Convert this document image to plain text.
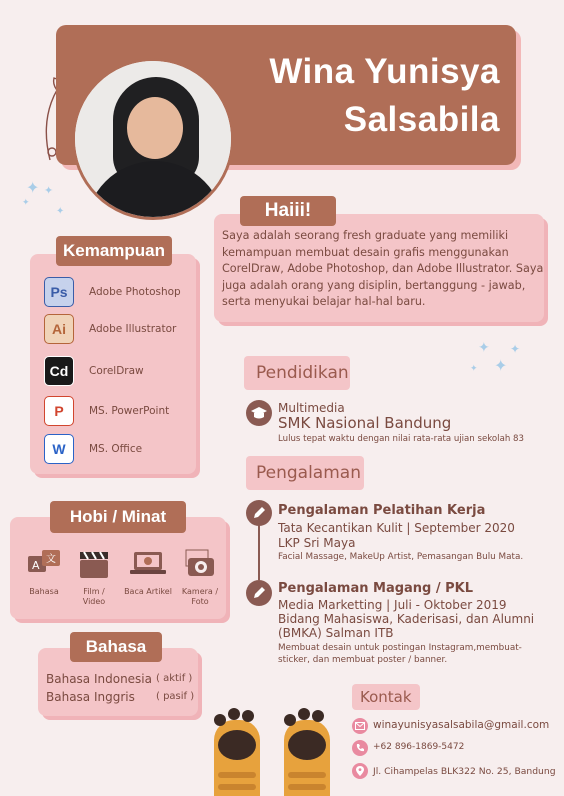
Wina Yunisya
Salsabila
✦ ✦
✦
✦
✦
✦
✦
✦
Haiii!
Saya adalah seorang fresh graduate yang memiliki kemampuan membuat desain grafis menggunakan CorelDraw, Adobe Photoshop, dan Adobe Illustrator. Saya juga adalah orang yang disiplin, bertanggung - jawab, serta menyukai belajar hal-hal baru.
Kemampuan
Ps	Adobe Photoshop
Ai	Adobe Illustrator
Cd	CorelDraw
P	MS. PowerPoint
W	MS. Office
Hobi / Minat
A 文
Bahasa	Film / Video
Baca Artikel	Kamera / Foto
Bahasa
Bahasa Indonesia ( aktif )
Bahasa Inggris ( pasif )
Pendidikan
Multimedia
SMK Nasional Bandung
Lulus tepat waktu dengan nilai rata-rata ujian sekolah 83
Pengalaman
Pengalaman Pelatihan Kerja
Tata Kecantikan Kulit | September 2020
LKP Sri Maya
Facial Massage, MakeUp Artist, Pemasangan Bulu Mata.
Pengalaman Magang / PKL
Media Marketting | Juli - Oktober 2019
Bidang Mahasiswa, Kaderisasi, dan Alumni
(BMKA) Salman ITB
Membuat desain untuk postingan Instagram,membuat-sticker, dan membuat poster / banner.
Kontak
winayunisyasalsabila@gmail.com
+62 896-1869-5472
Jl. Cihampelas BLK322 No. 25, Bandung
